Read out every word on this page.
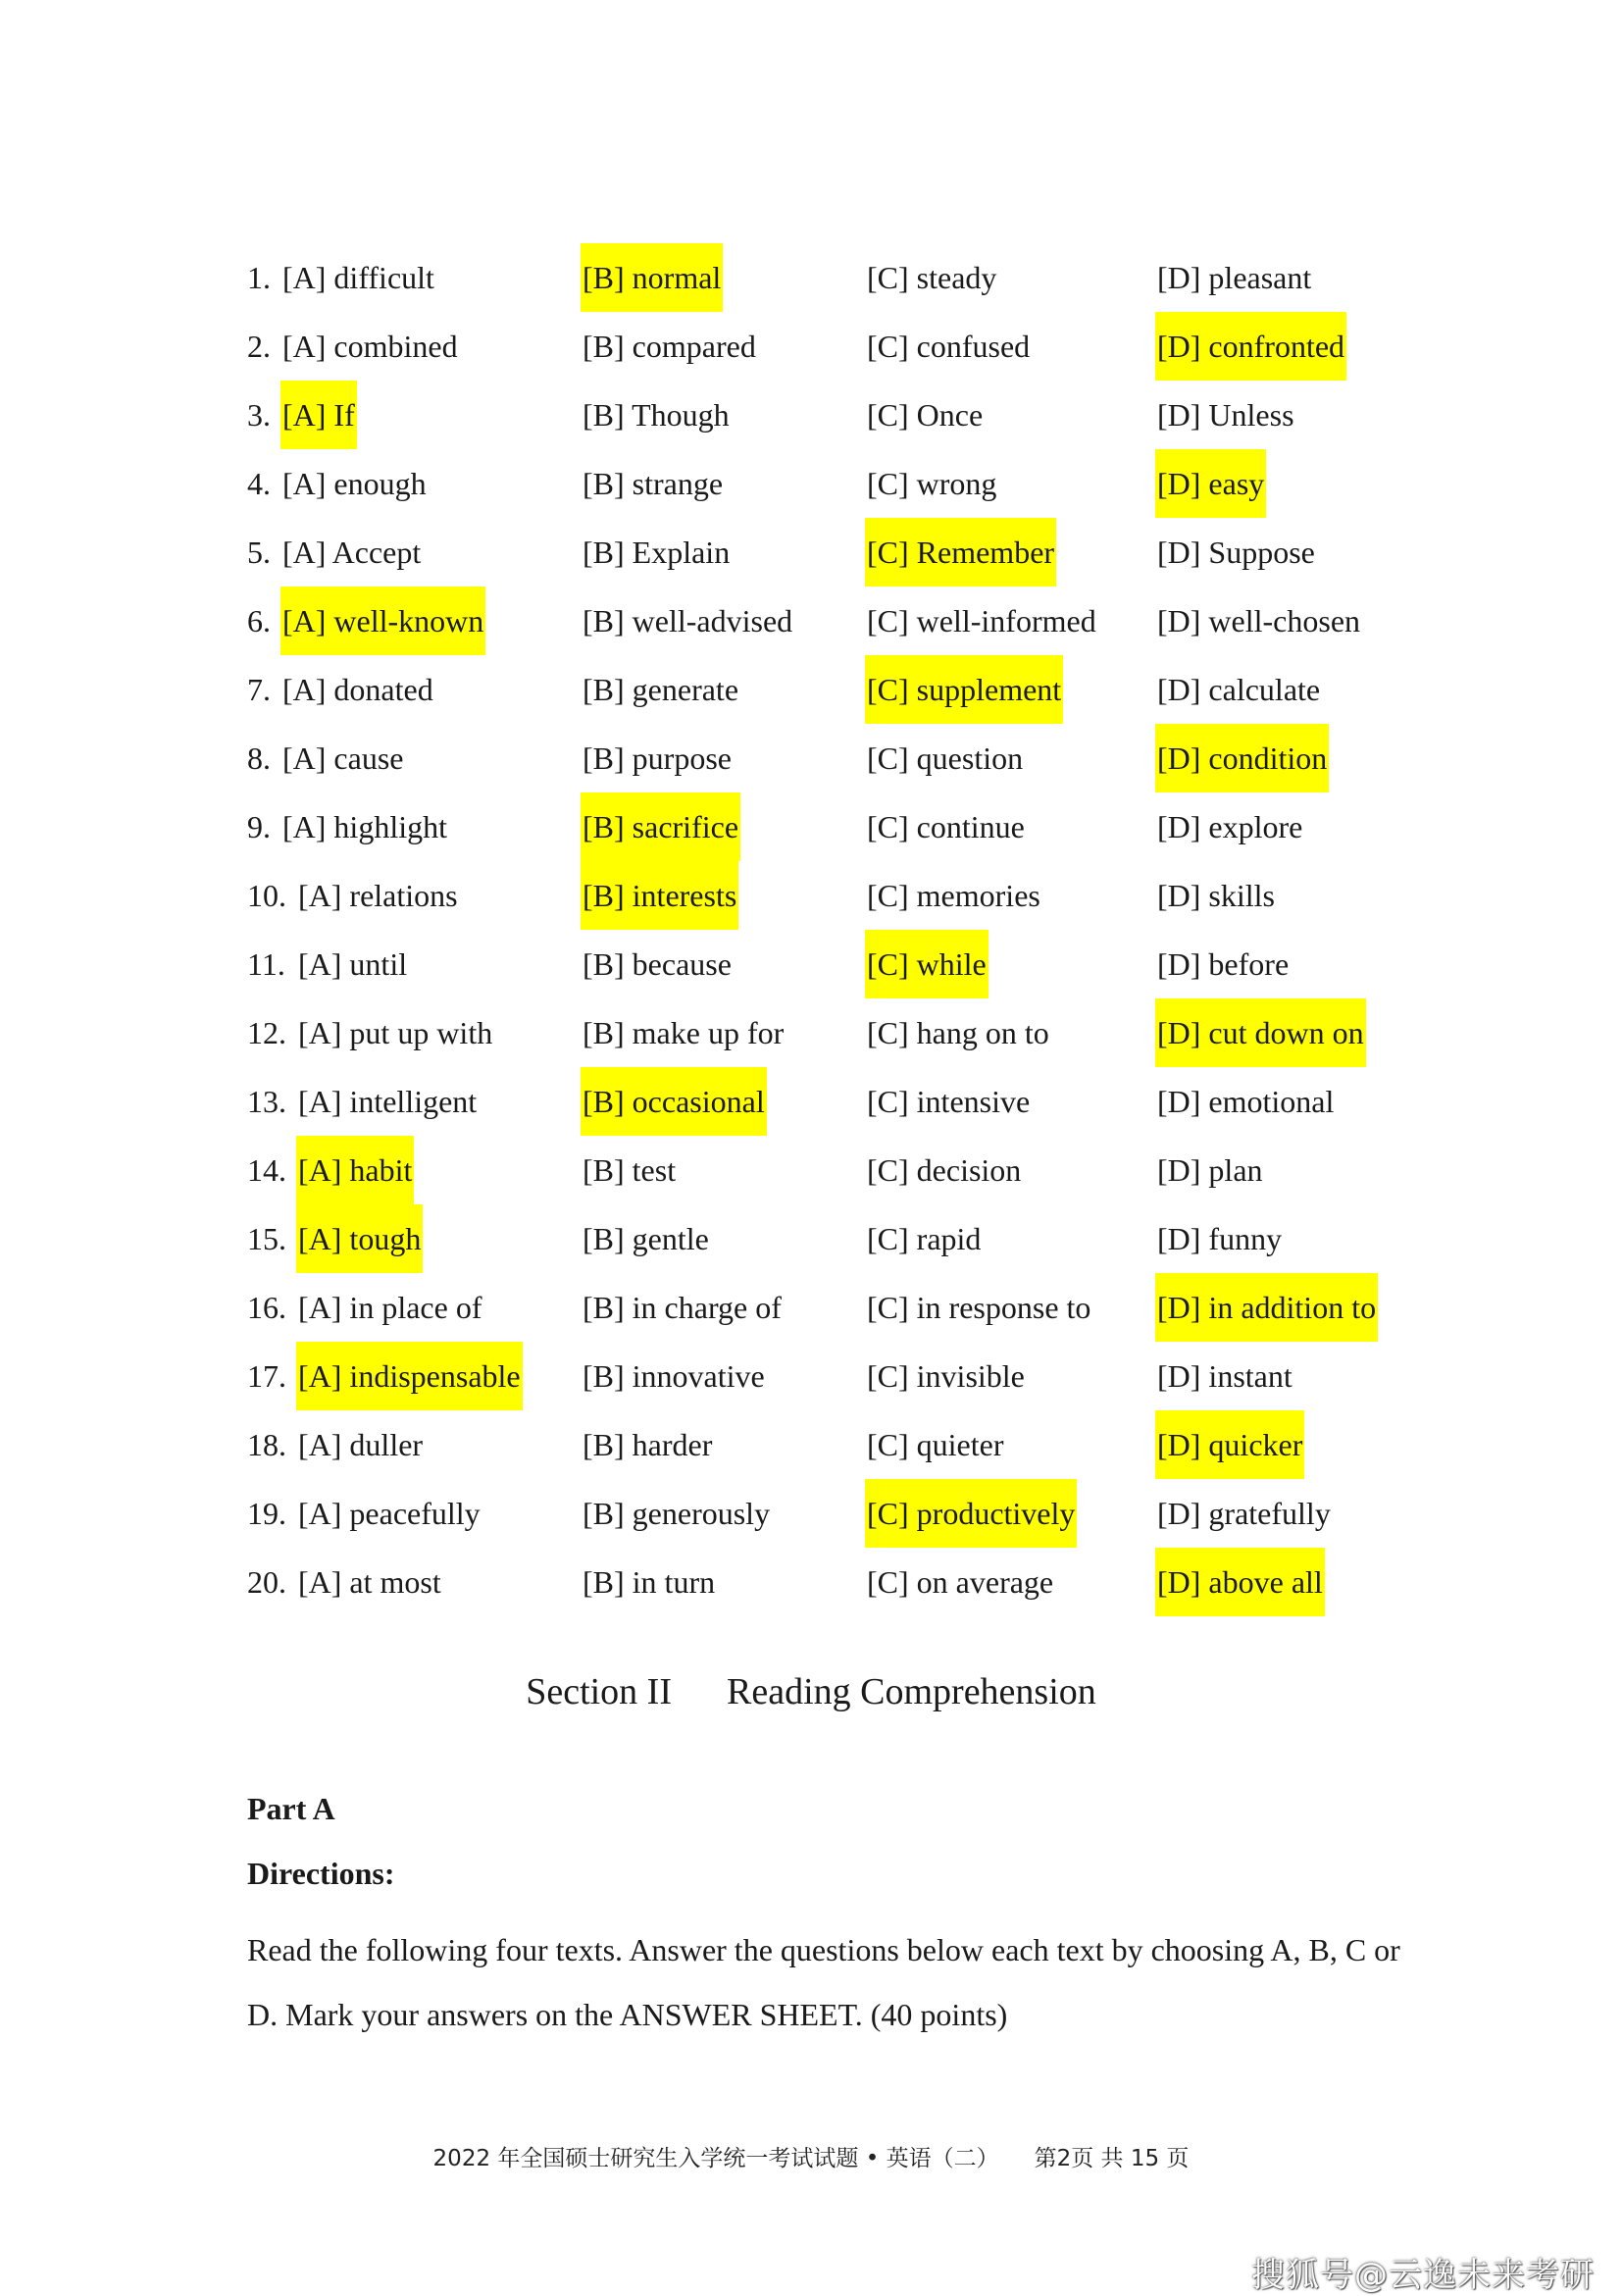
1. [A] difficult	[B] normal	[C] steady	[D] pleasant
2. [A] combined	[B] compared	[C] confused	[D] confronted
3. [A] If	[B] Though	[C] Once	[D] Unless
4. [A] enough	[B] strange	[C] wrong	[D] easy
5. [A] Accept	[B] Explain	[C] Remember	[D] Suppose
6. [A] well-known	[B] well-advised [C] well-informed [D] well-chosen
7. [A] donated	[B] generate	[C] supplement	[D] calculate
8. [A] cause	[B] purpose	[C] question	[D] condition
9. [A] highlight	[B] sacrifice	[C] continue	[D] explore
10. [A] relations	[B] interests	[C] memories	[D] skills
11. [A] until	[B] because	[C] while	[D] before
12. [A] put up with	[B] make up for	[C] hang on to	[D] cut down on
13. [A] intelligent	[B] occasional	[C] intensive	[D] emotional
14. [A] habit	[B] test	[C] decision	[D] plan
15. [A] tough	[B] gentle	[C] rapid	[D] funny
16. [A] in place of	[B] in charge of	[C] in response to [D] in addition to
17. [A] indispensable [B] innovative	[C] invisible	[D] instant
18. [A] duller	[B] harder	[C] quieter	[D] quicker
19. [A] peacefully	[B] generously	[C] productively	[D] gratefully
20. [A] at most	[B] in turn	[C] on average	[D] above all
Section II Reading Comprehension
Part A
Directions:
Read the following four texts. Answer the questions below each text by choosing A, B, C or D. Mark your answers on the ANSWER SHEET. (40 points)
2022 年全国硕士研究生入学统一考试试题 • 英语（二） 第2页 共 15 页
搜狐号@云逸未来考研
